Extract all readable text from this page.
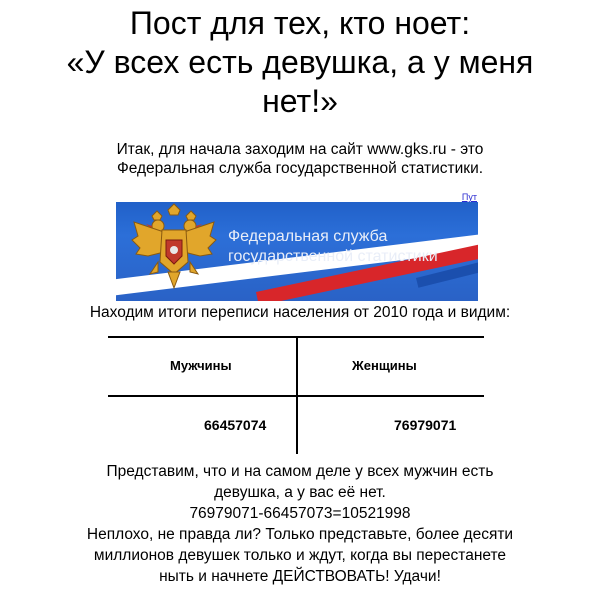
Пост для тех, кто ноет:
«У всех есть девушка, а у меня
нет!»
Итак, для начала заходим на сайт www.gks.ru - это
Федеральная служба государственной статистики.
Пут
Федеральная служба
государственной статистики
Находим итоги переписи населения от 2010 года и видим:
Мужчины	Женщины
66457074	76979071
Представим, что и на самом деле у всех мужчин есть
девушка, а у вас её нет.
76979071-66457073=10521998
Неплохо, не правда ли? Только представьте, более десяти
миллионов девушек только и ждут, когда вы перестанете
ныть и начнете ДЕЙСТВОВАТЬ! Удачи!
